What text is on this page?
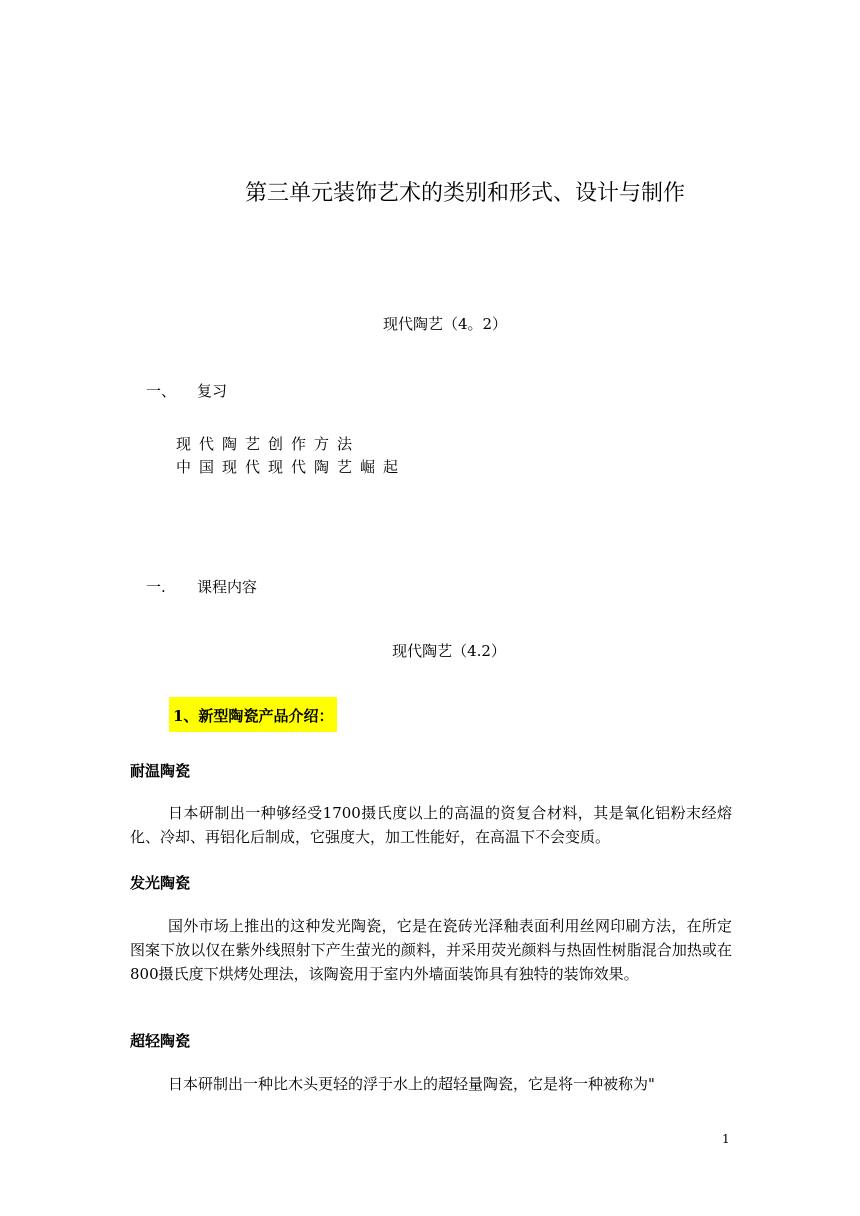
第三单元装饰艺术的类别和形式、设计与制作
现代陶艺（4。2）
一、 复习
现代陶艺创作方法
中国现代现代陶艺崛起
一. 课程内容
现代陶艺（4.2）
1、新型陶瓷产品介绍：
耐温陶瓷
日本研制出一种够经受1700摄氏度以上的高温的资复合材料，其是氧化铝粉末经熔化、冷却、再铝化后制成，它强度大，加工性能好，在高温下不会变质。
发光陶瓷
国外市场上推出的这种发光陶瓷，它是在瓷砖光泽釉表面利用丝网印刷方法，在所定图案下放以仅在紫外线照射下产生萤光的颜料，并采用荧光颜料与热固性树脂混合加热或在800摄氏度下烘烤处理法，该陶瓷用于室内外墙面装饰具有独特的装饰效果。
超轻陶瓷
日本研制出一种比木头更轻的浮于水上的超轻量陶瓷，它是将一种被称为"
1
